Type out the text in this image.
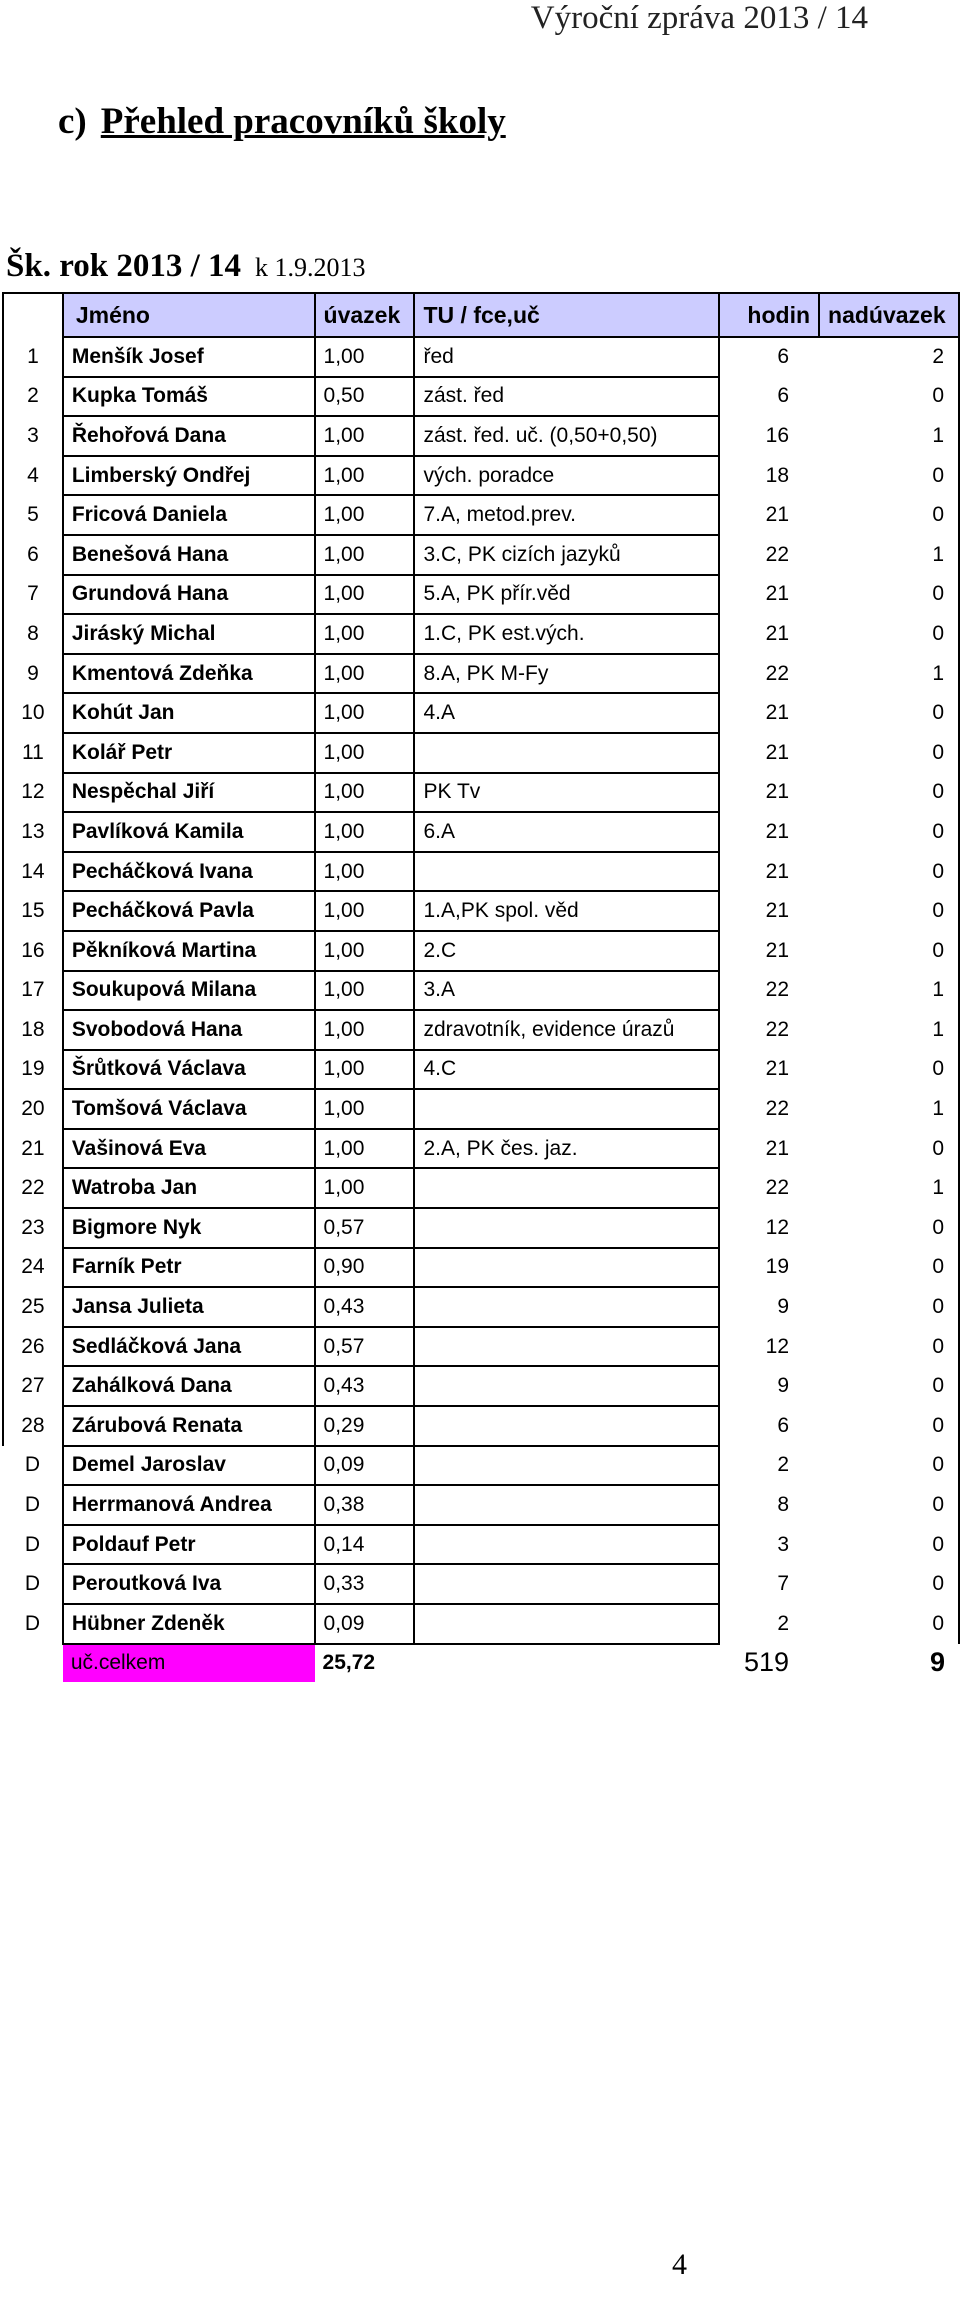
Výroční zpráva 2013 / 14
c) Přehled pracovníků školy
Šk. rok 2013 / 14 k 1.9.2013
	Jméno	úvazek	TU / fce,uč	hodin	nadúvazek
1	Menšík Josef	1,00	řed	6	2
2	Kupka Tomáš	0,50	zást. řed	6	0
3	Řehořová Dana	1,00	zást. řed. uč. (0,50+0,50)	16	1
4	Limberský Ondřej	1,00	vých. poradce	18	0
5	Fricová Daniela	1,00	7.A, metod.prev.	21	0
6	Benešová Hana	1,00	3.C, PK cizích jazyků	22	1
7	Grundová Hana	1,00	5.A, PK přír.věd	21	0
8	Jiráský Michal	1,00	1.C, PK est.vých.	21	0
9	Kmentová Zdeňka	1,00	8.A, PK M-Fy	22	1
10	Kohút Jan	1,00	4.A	21	0
11	Kolář Petr	1,00		21	0
12	Nespěchal Jiří	1,00	PK Tv	21	0
13	Pavlíková Kamila	1,00	6.A	21	0
14	Pecháčková Ivana	1,00		21	0
15	Pecháčková Pavla	1,00	1.A,PK spol. věd	21	0
16	Pěkníková Martina	1,00	2.C	21	0
17	Soukupová Milana	1,00	3.A	22	1
18	Svobodová Hana	1,00	zdravotník, evidence úrazů	22	1
19	Šrůtková Václava	1,00	4.C	21	0
20	Tomšová Václava	1,00		22	1
21	Vašinová Eva	1,00	2.A, PK čes. jaz.	21	0
22	Watroba Jan	1,00		22	1
23	Bigmore Nyk	0,57		12	0
24	Farník Petr	0,90		19	0
25	Jansa Julieta	0,43		9	0
26	Sedláčková Jana	0,57		12	0
27	Zahálková Dana	0,43		9	0
28	Zárubová Renata	0,29		6	0
D	Demel Jaroslav	0,09		2	0
D	Herrmanová Andrea	0,38		8	0
D	Poldauf Petr	0,14		3	0
D	Peroutková Iva	0,33		7	0
D	Hübner Zdeněk	0,09		2	0
	uč.celkem	25,72		519	9
4
